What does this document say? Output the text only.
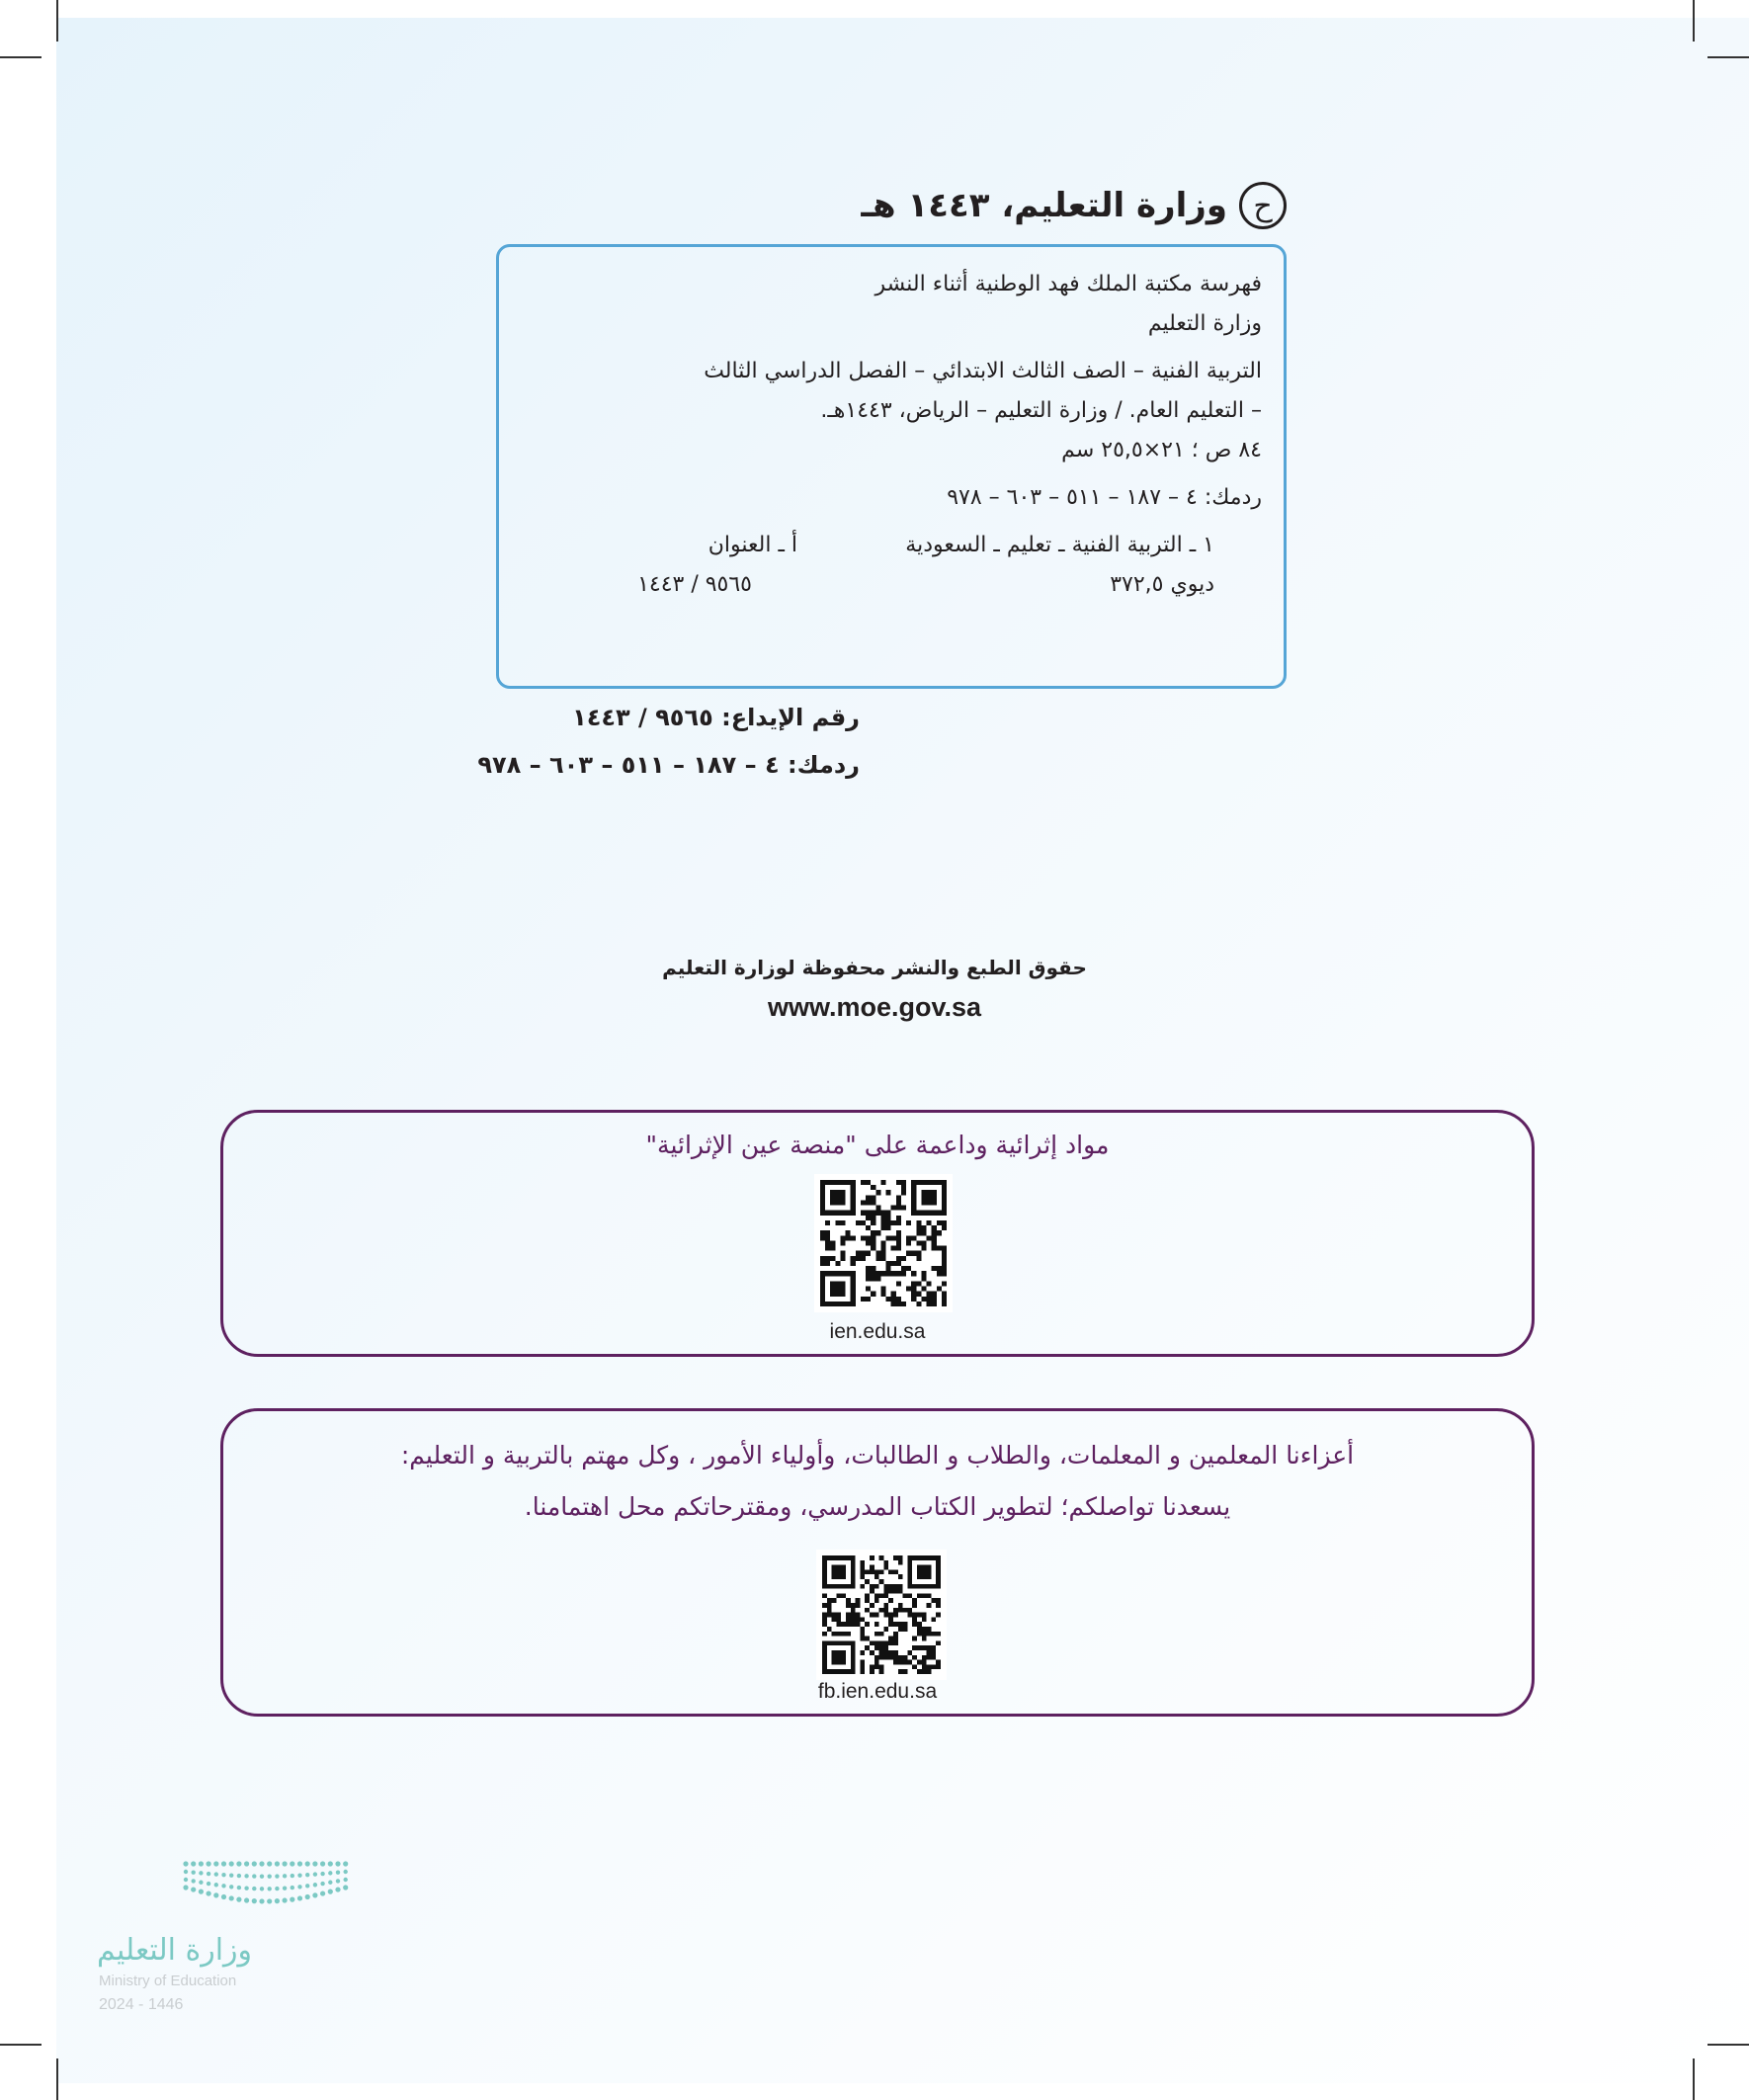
ح
وزارة التعليم، ١٤٤٣ هـ
فهرسة مكتبة الملك فهد الوطنية أثناء النشر
وزارة التعليم
التربية الفنية – الصف الثالث الابتدائي – الفصل الدراسي الثالث
– التعليم العام. / وزارة التعليم – الرياض، ١٤٤٣هـ.
٨٤ ص ؛ ٢١×٢٥,٥ سم
ردمك: ٤ – ١٨٧ – ٥١١ – ٦٠٣ – ٩٧٨
١ ـ التربية الفنية ـ تعليم ـ السعودية
أ ـ العنوان
ديوي ٣٧٢,٥
٩٥٦٥ / ١٤٤٣
رقم الإيداع: ٩٥٦٥ / ١٤٤٣
ردمك: ٤ – ١٨٧ – ٥١١ – ٦٠٣ – ٩٧٨
حقوق الطبع والنشر محفوظة لوزارة التعليم
www.moe.gov.sa
مواد إثرائية وداعمة على "منصة عين الإثرائية"
ien.edu.sa
أعزاءنا المعلمين و المعلمات، والطلاب و الطالبات، وأولياء الأمور ، وكل مهتم بالتربية و التعليم:
يسعدنا تواصلكم؛ لتطوير الكتاب المدرسي، ومقترحاتكم محل اهتمامنا.
fb.ien.edu.sa
وزارة التعليم
Ministry of Education
2024 - 1446
